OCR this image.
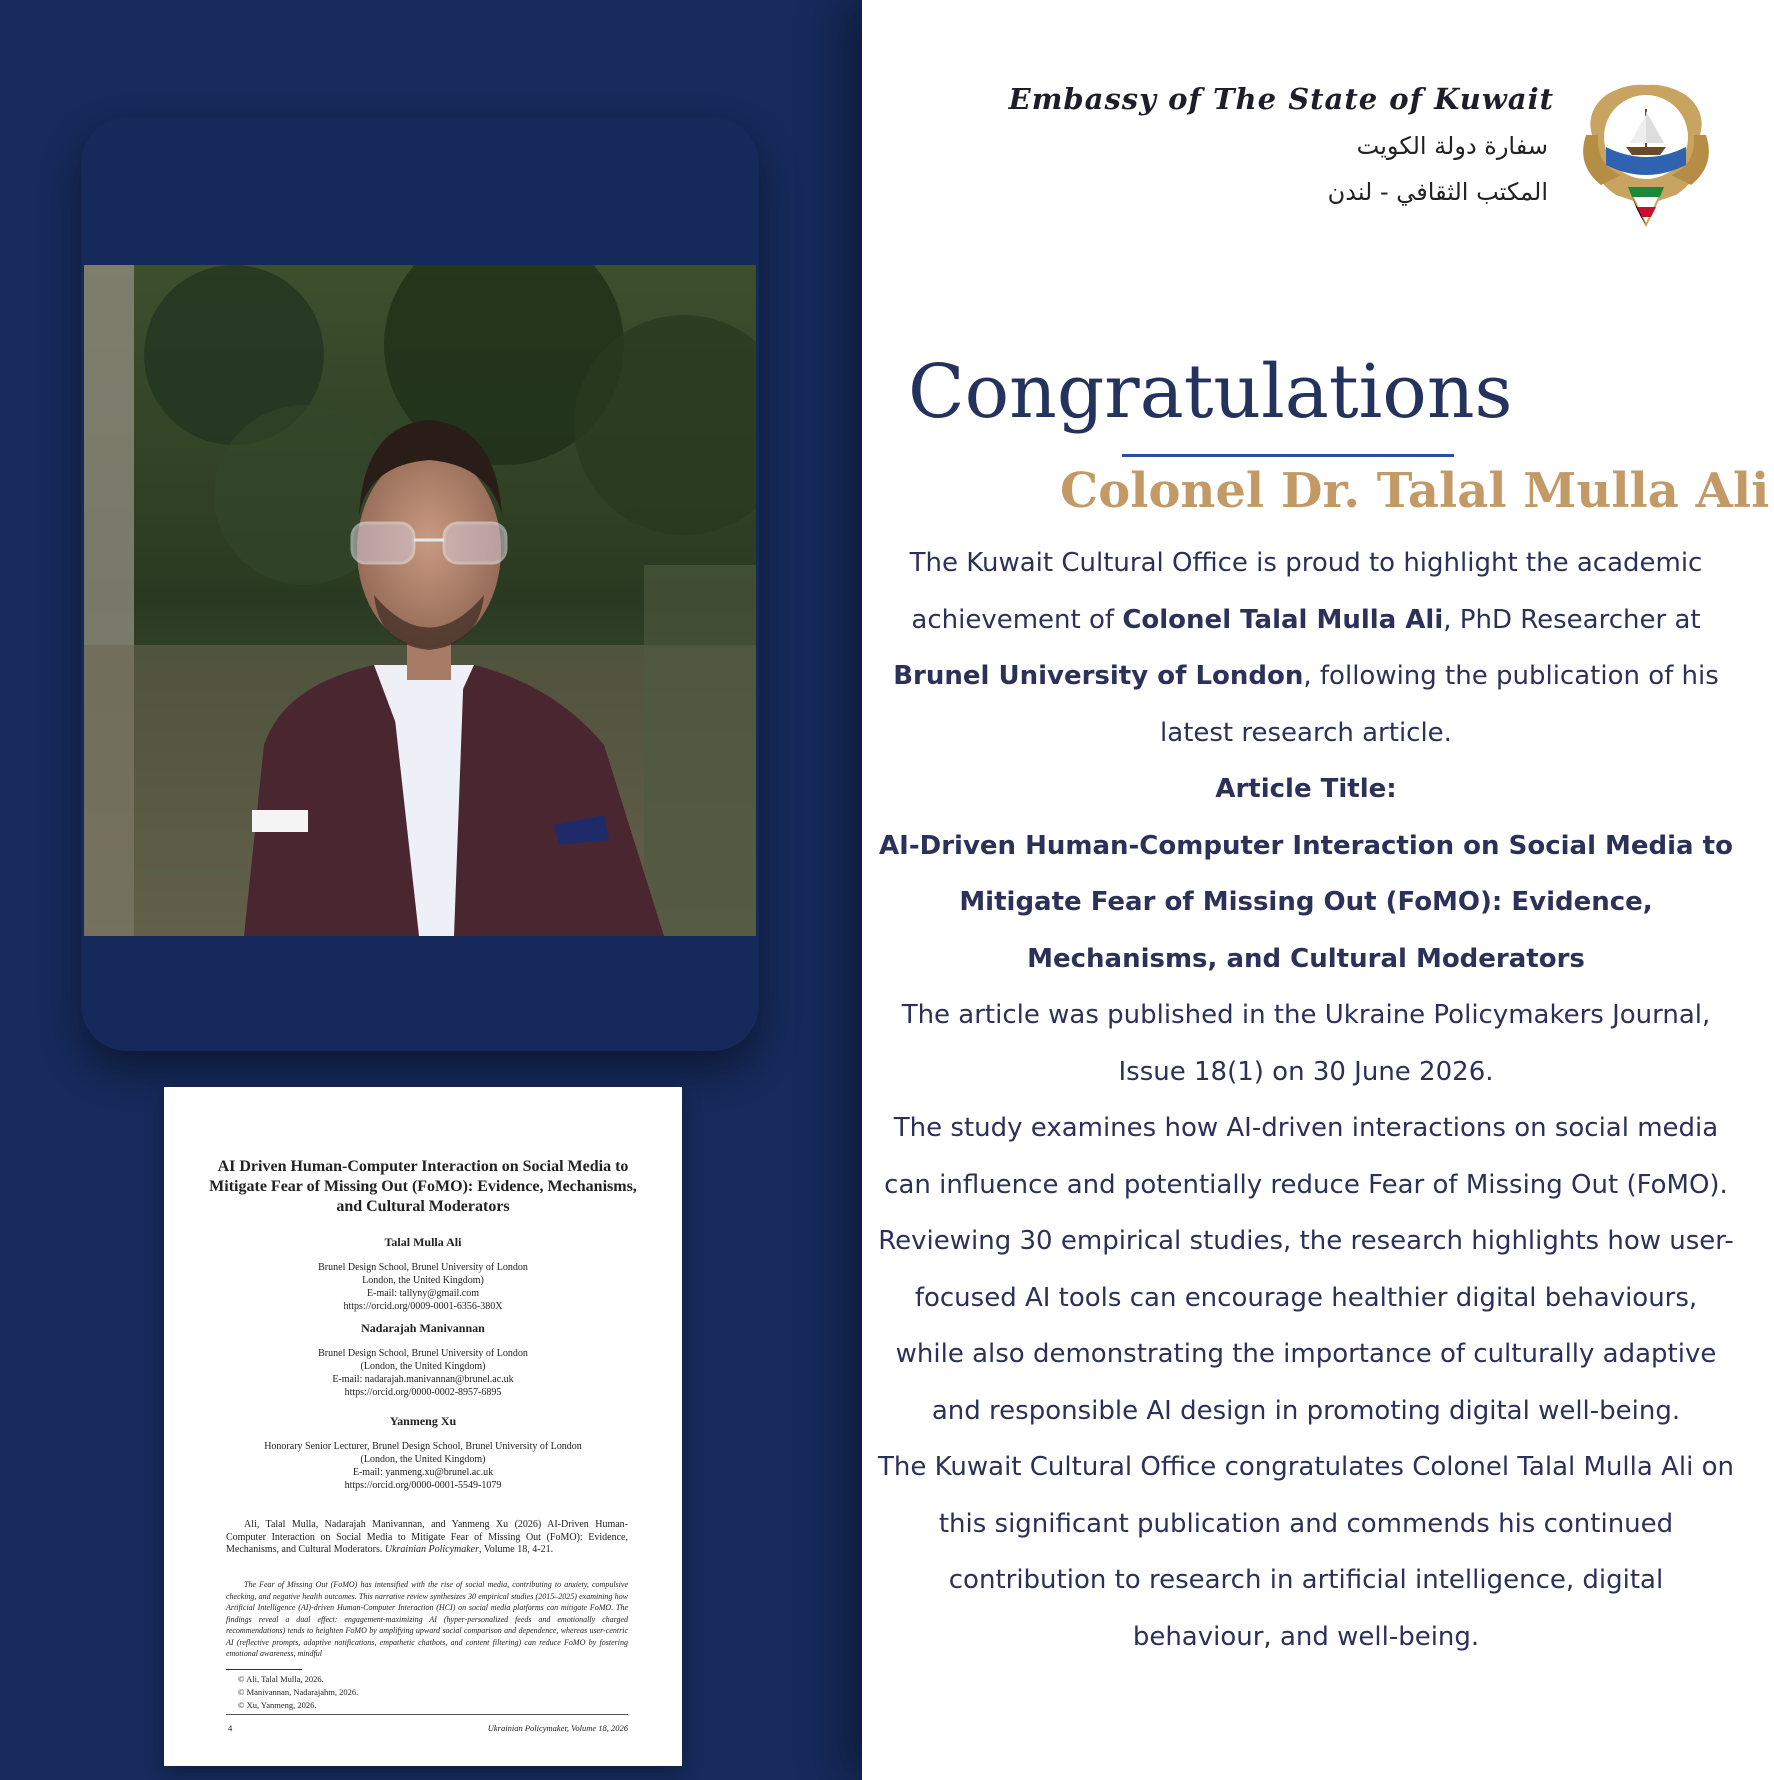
AI Driven Human-Computer Interaction on Social Media to Mitigate Fear of Missing Out (FoMO): Evidence, Mechanisms, and Cultural Moderators
Talal Mulla Ali
Brunel Design School, Brunel University of London
London, the United Kingdom)
E-mail: tallyny@gmail.com
https://orcid.org/0009-0001-6356-380X
Nadarajah Manivannan
Brunel Design School, Brunel University of London
(London, the United Kingdom)
E-mail: nadarajah.manivannan@brunel.ac.uk
https://orcid.org/0000-0002-8957-6895
Yanmeng Xu
Honorary Senior Lecturer, Brunel Design School, Brunel University of London
(London, the United Kingdom)
E-mail: yanmeng.xu@brunel.ac.uk
https://orcid.org/0000-0001-5549-1079
Ali, Talal Mulla, Nadarajah Manivannan, and Yanmeng Xu (2026) AI-Driven Human-Computer Interaction on Social Media to Mitigate Fear of Missing Out (FoMO): Evidence, Mechanisms, and Cultural Moderators. Ukrainian Policymaker, Volume 18, 4-21.
The Fear of Missing Out (FoMO) has intensified with the rise of social media, contributing to anxiety, compulsive checking, and negative health outcomes. This narrative review synthesizes 30 empirical studies (2015–2025) examining how Artificial Intelligence (AI)-driven Human-Computer Interaction (HCI) on social media platforms can mitigate FoMO. The findings reveal a dual effect: engagement-maximizing AI (hyper-personalized feeds and emotionally charged recommendations) tends to heighten FoMO by amplifying upward social comparison and dependence, whereas user-centric AI (reflective prompts, adaptive notifications, empathetic chatbots, and content filtering) can reduce FoMO by fostering emotional awareness, mindful
© Ali, Talal Mulla, 2026.
© Manivannan, Nadarajahm, 2026.
© Xu, Yanmeng, 2026.
4	Ukrainian Policymaker, Volume 18, 2026
Embassy of The State of Kuwait
سفارة دولة الكويت
المكتب الثقافي - لندن
Congratulations
Colonel Dr. Talal Mulla Ali

The Kuwait Cultural Office is proud to highlight the academic achievement of Colonel Talal Mulla Ali, PhD Researcher at Brunel University of London, following the publication of his latest research article.

Article Title:

AI-Driven Human-Computer Interaction on Social Media to Mitigate Fear of Missing Out (FoMO): Evidence, Mechanisms, and Cultural Moderators

The article was published in the Ukraine Policymakers Journal, Issue 18(1) on 30 June 2026.

The study examines how AI-driven interactions on social media can influence and potentially reduce Fear of Missing Out (FoMO). Reviewing 30 empirical studies, the research highlights how user-focused AI tools can encourage healthier digital behaviours, while also demonstrating the importance of culturally adaptive and responsible AI design in promoting digital well-being.

The Kuwait Cultural Office congratulates Colonel Talal Mulla Ali on this significant publication and commends his continued contribution to research in artificial intelligence, digital behaviour, and well-being.
